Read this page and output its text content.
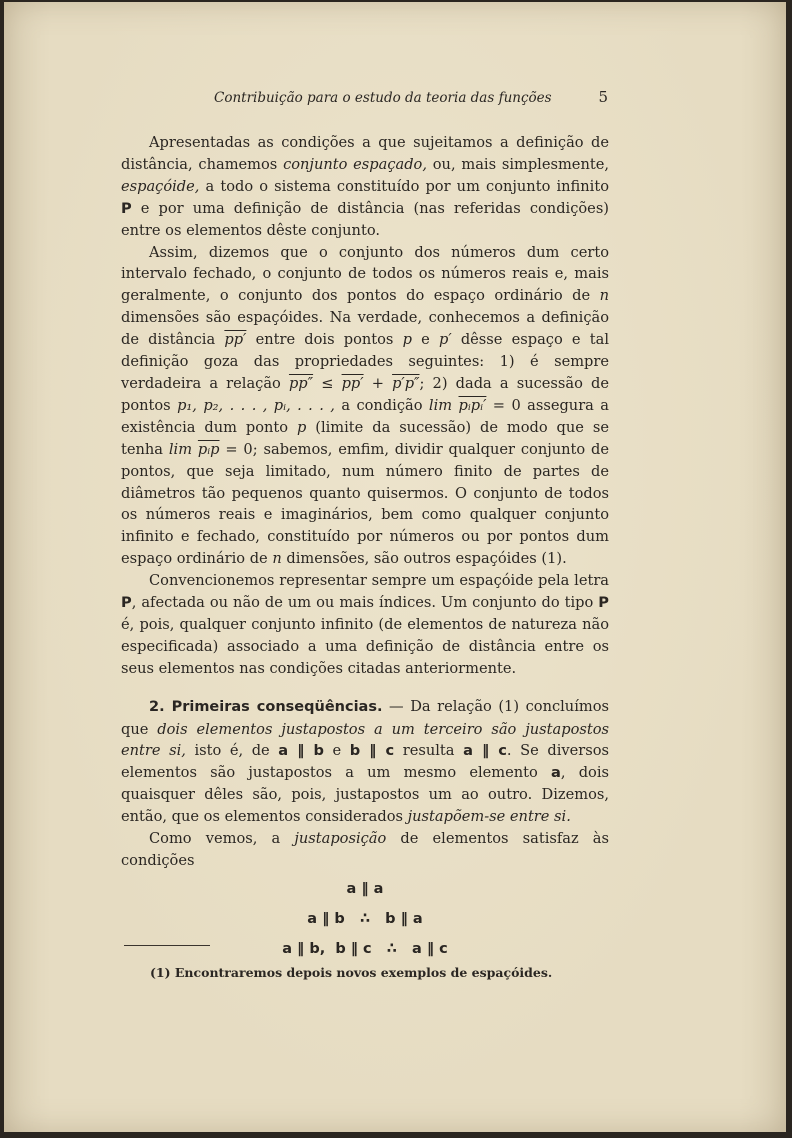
Contribuição para o estudo da teoria das funções	5

Apresentadas as condições a que sujeitamos a definição de distância, chamemos conjunto espaçado, ou, mais simplesmente, espaçóide, a todo o sistema constituído por um conjunto infinito P e por uma definição de distância (nas referidas condições) entre os elementos dêste conjunto.

Assim, dizemos que o conjunto dos números dum certo intervalo fechado, o conjunto de todos os números reais e, mais geralmente, o conjunto dos pontos do espaço ordinário de n dimensões são espaçóides. Na verdade, conhecemos a definição de distância pp′ entre dois pontos p e p′ dêsse espaço e tal definição goza das propriedades seguintes: 1) é sempre verdadeira a relação pp″ ≤ pp′ + p′p″; 2) dada a sucessão de pontos p₁, p₂, . . . , pᵢ, . . . , a condição lim pᵢpᵢ′ = 0 assegura a existência dum ponto p (limite da sucessão) de modo que se tenha $\lim \overline{pᵢp} = 0$; sabemos, emfim, dividir qualquer conjunto de pontos, que seja limitado, num número finito de partes de diâmetros tão pequenos quanto quisermos. O conjunto de todos os números reais e imaginários, bem como qualquer conjunto infinito e fechado, constituído por números ou por pontos dum espaço ordinário de n dimensões, são outros espaçóides (1).

Convencionemos representar sempre um espaçóide pela letra P, afectada ou não de um ou mais índices. Um conjunto do tipo P é, pois, qualquer conjunto infinito (de elementos de natureza não especificada) associado a uma definição de distância entre os seus elementos nas condições citadas anteriormente.

2. Primeiras conseqüências. — Da relação (1) concluímos que dois elementos justapostos a um terceiro são justapostos entre si, isto é, de a ‖ b e b ‖ c resulta a ‖ c. Se diversos elementos são justapostos a um mesmo elemento a, dois quaisquer dêles são, pois, justapostos um ao outro. Dizemos, então, que os elementos considerados justapõem-se entre si.

Como vemos, a justaposição de elementos satisfaz às condições

a ‖ a
a ‖ b   ∴   b ‖ a
a ‖ b,  b ‖ c   ∴   a ‖ c
(1) Encontraremos depois novos exemplos de espaçóides.
